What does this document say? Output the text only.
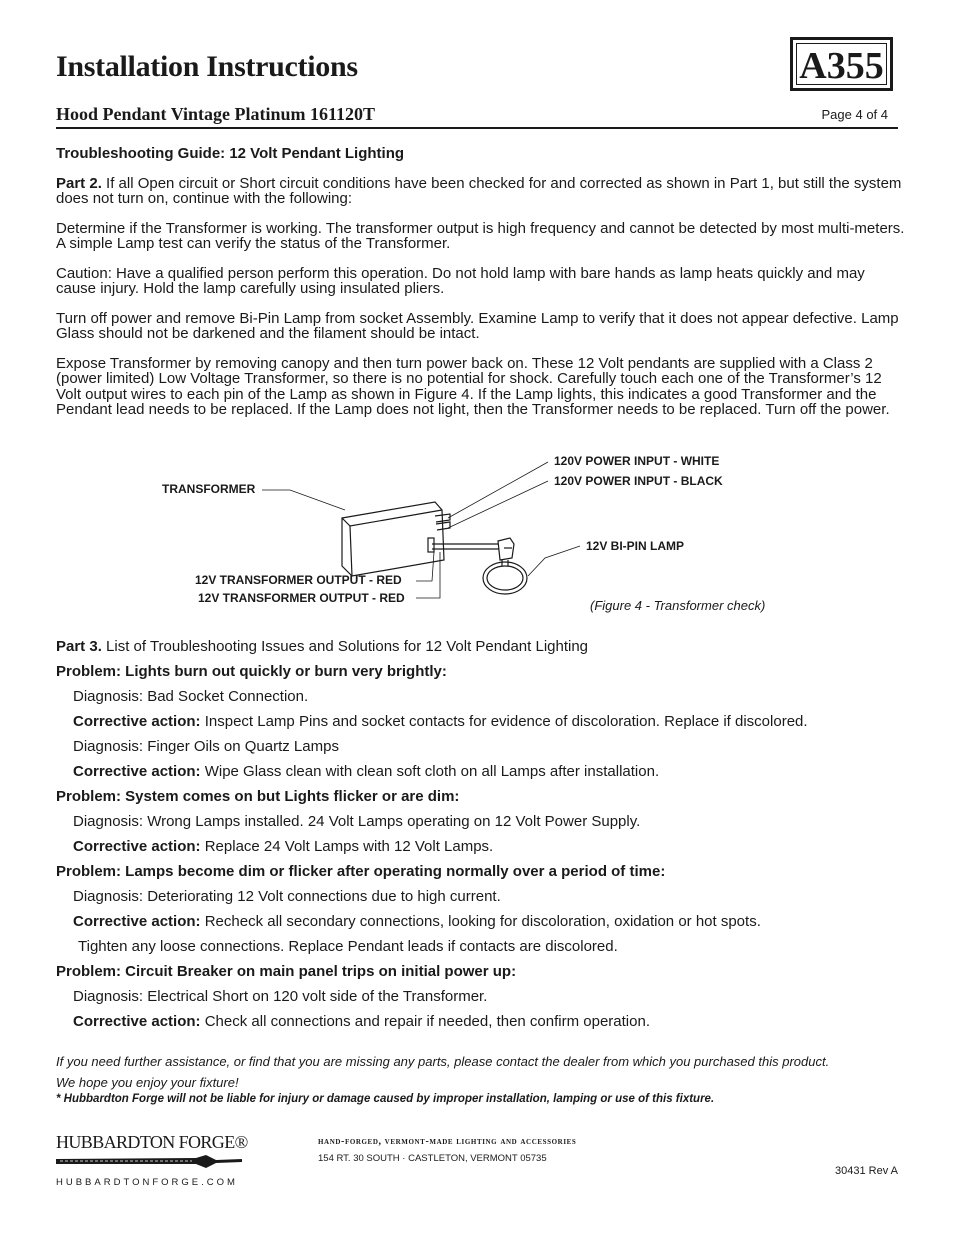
Installation Instructions	A355
Hood Pendant Vintage Platinum 161120T	Page 4 of 4

Troubleshooting Guide: 12 Volt Pendant Lighting

Part 2. If all Open circuit or Short circuit conditions have been checked for and corrected as shown in Part 1, but still the system does not turn on, continue with the following:

Determine if the Transformer is working. The transformer output is high frequency and cannot be detected by most multi-meters. A simple Lamp test can verify the status of the Transformer.

Caution: Have a qualified person perform this operation. Do not hold lamp with bare hands as lamp heats quickly and may cause injury. Hold the lamp carefully using insulated pliers.

Turn off power and remove Bi-Pin Lamp from socket Assembly. Examine Lamp to verify that it does not appear defective. Lamp Glass should not be darkened and the filament should be intact.

Expose Transformer by removing canopy and then turn power back on. These 12 Volt pendants are supplied with a Class 2 (power limited) Low Voltage Transformer, so there is no potential for shock. Carefully touch each one of the Transformer’s 12 Volt output wires to each pin of the Lamp as shown in Figure 4. If the Lamp lights, this indicates a good Transformer and the Pendant lead needs to be replaced. If the Lamp does not light, then the Transformer needs to be replaced. Turn off the power.

TRANSFORMER
120V POWER INPUT - WHITE
120V POWER INPUT - BLACK
12V BI-PIN LAMP
12V TRANSFORMER OUTPUT - RED
12V TRANSFORMER OUTPUT - RED	(Figure 4 - Transformer check)
Part 3. List of Troubleshooting Issues and Solutions for 12 Volt Pendant Lighting
Problem: Lights burn out quickly or burn very brightly:
Diagnosis: Bad Socket Connection.
Corrective action: Inspect Lamp Pins and socket contacts for evidence of discoloration. Replace if discolored.
Diagnosis: Finger Oils on Quartz Lamps
Corrective action: Wipe Glass clean with clean soft cloth on all Lamps after installation.
Problem: System comes on but Lights flicker or are dim:
Diagnosis: Wrong Lamps installed. 24 Volt Lamps operating on 12 Volt Power Supply.
Corrective action: Replace 24 Volt Lamps with 12 Volt Lamps.
Problem: Lamps become dim or flicker after operating normally over a period of time:
Diagnosis: Deteriorating 12 Volt connections due to high current.
Corrective action: Recheck all secondary connections, looking for discoloration, oxidation or hot spots.
Tighten any loose connections. Replace Pendant leads if contacts are discolored.
Problem: Circuit Breaker on main panel trips on initial power up:
Diagnosis: Electrical Short on 120 volt side of the Transformer.
Corrective action: Check all connections and repair if needed, then confirm operation.
If you need further assistance, or find that you are missing any parts, please contact the dealer from which you purchased this product.
We hope you enjoy your fixture!
* Hubbardton Forge will not be liable for injury or damage caused by improper installation, lamping or use of this fixture.
HUBBARDTON FORGE®
HUBBARDTONFORGE.COM
hand-forged, vermont-made lighting and accessories
154 RT. 30 SOUTH · CASTLETON, VERMONT 05735
30431 Rev A
